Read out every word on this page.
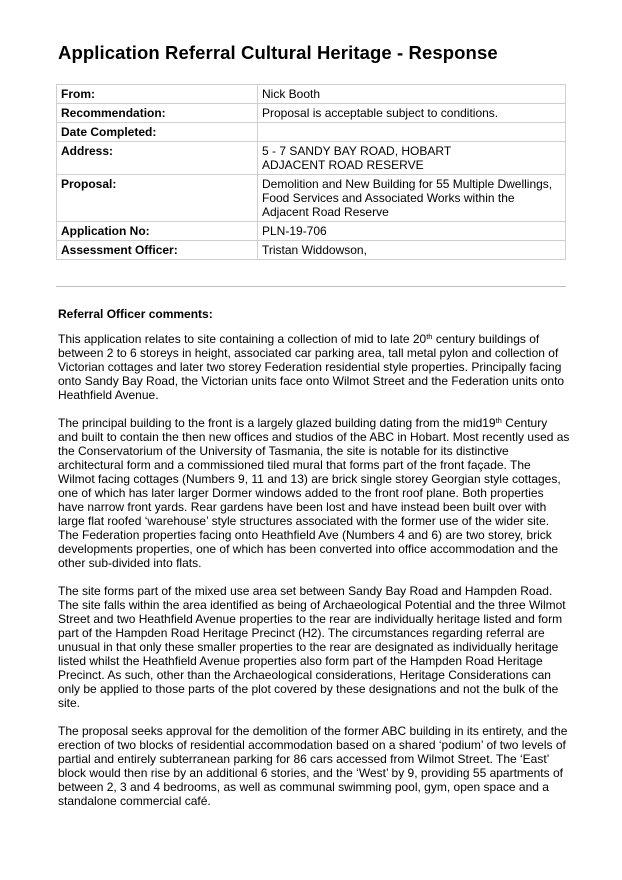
Application Referral Cultural Heritage - Response
From:	Nick Booth

Recommendation:	Proposal is acceptable subject to conditions.

Date Completed:	

Address:	5 - 7 SANDY BAY ROAD, HOBART
ADJACENT ROAD RESERVE

Proposal:	Demolition and New Building for 55 Multiple Dwellings, Food Services and Associated Works within the Adjacent Road Reserve

Application No:	PLN-19-706

Assessment Officer:	Tristan Widdowson,
Referral Officer comments:

This application relates to site containing a collection of mid to late 20th century buildings of between 2 to 6 storeys in height, associated car parking area, tall metal pylon and collection of Victorian cottages and later two storey Federation residential style properties. Principally facing onto Sandy Bay Road, the Victorian units face onto Wilmot Street and the Federation units onto Heathfield Avenue.

The principal building to the front is a largely glazed building dating from the mid19th Century and built to contain the then new offices and studios of the ABC in Hobart. Most recently used as the Conservatorium of the University of Tasmania, the site is notable for its distinctive architectural form and a commissioned tiled mural that forms part of the front façade. The Wilmot facing cottages (Numbers 9, 11 and 13) are brick single storey Georgian style cottages, one of which has later larger Dormer windows added to the front roof plane. Both properties have narrow front yards. Rear gardens have been lost and have instead been built over with large flat roofed ‘warehouse’ style structures associated with the former use of the wider site. The Federation properties facing onto Heathfield Ave (Numbers 4 and 6) are two storey, brick developments properties, one of which has been converted into office accommodation and the other sub-divided into flats.

The site forms part of the mixed use area set between Sandy Bay Road and Hampden Road. The site falls within the area identified as being of Archaeological Potential and the three Wilmot Street and two Heathfield Avenue properties to the rear are individually heritage listed and form part of the Hampden Road Heritage Precinct (H2). The circumstances regarding referral are unusual in that only these smaller properties to the rear are designated as individually heritage listed whilst the Heathfield Avenue properties also form part of the Hampden Road Heritage Precinct. As such, other than the Archaeological considerations, Heritage Considerations can only be applied to those parts of the plot covered by these designations and not the bulk of the site.

The proposal seeks approval for the demolition of the former ABC building in its entirety, and the erection of two blocks of residential accommodation based on a shared ‘podium’ of two levels of partial and entirely subterranean parking for 86 cars accessed from Wilmot Street. The ‘East’ block would then rise by an additional 6 stories, and the ‘West’ by 9, providing 55 apartments of between 2, 3 and 4 bedrooms, as well as communal swimming pool, gym, open space and a standalone commercial café.
